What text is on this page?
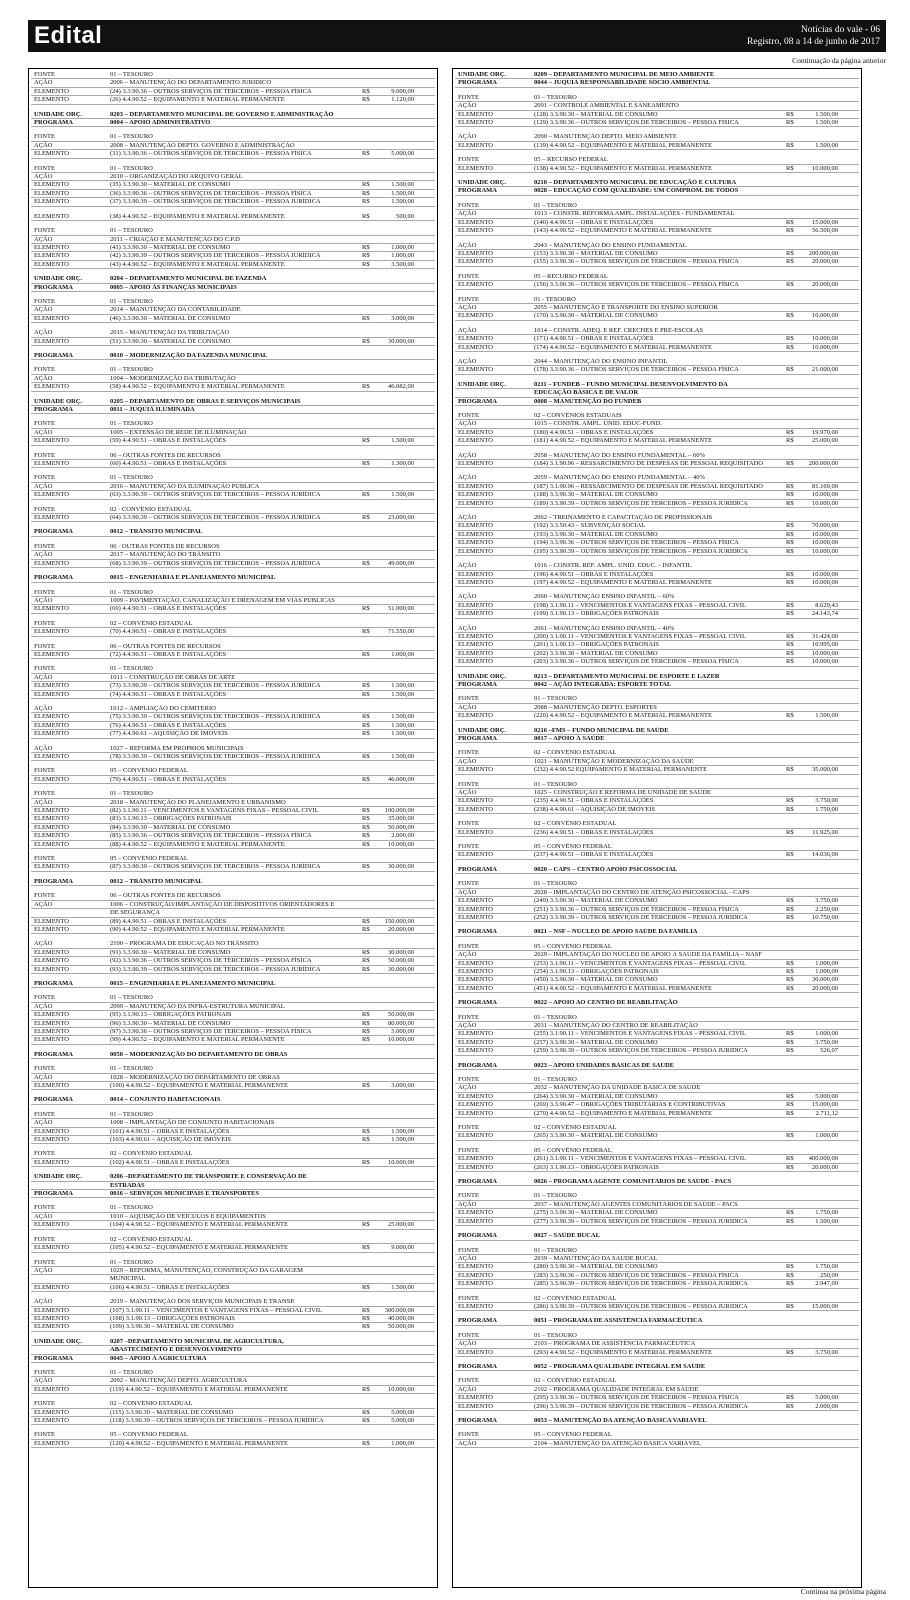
Edital	Notícias do vale - 06
Registro, 08 a 14 de junho de 2017
Continuação da página anterior
FONTE	01 – TESOURO
AÇÃO	2006 – MANUTENÇÃO DO DEPARTAMENTO JURÍDICO
ELEMENTO	(24) 3.3.90.36 – OUTROS SERVIÇOS DE TERCEIROS – PESSOA FÍSICA	R$	9.000,00
ELEMENTO	(26) 4.4.90.52 – EQUIPAMENTO E MATERIAL PERMANENTE	R$	1.120,00
UNIDADE ORÇ.	0203 – DEPARTAMENTO MUNICIPAL DE GOVERNO E ADMINISTRAÇÃO
PROGRAMA	0004 – APOIO ADMINISTRATIVO
FONTE	01 – TESOURO
AÇÃO	2008 – MANUTENÇÃO DEPTO. GOVERNO E ADMINISTRAÇÃO
ELEMENTO	(31) 3.3.90.36 – OUTROS SERVIÇOS DE TERCEIROS – PESSOA FÍSICA	R$	5.000,00
FONTE	01 – TESOURO
AÇÃO	2010 – ORGANIZAÇÃO DO ARQUIVO GERAL
ELEMENTO	(35) 3.3.90.30 – MATERIAL DE CONSUMO	R$	1.500,00
ELEMENTO	(36) 3.3.90.36 – OUTROS SERVIÇOS DE TERCEIROS – PESSOA FÍSICA	R$	1.500,00
ELEMENTO	(37) 3.3.90.39 – OUTROS SERVIÇOS DE TERCEIROS – PESSOA JURÍDICA	R$	1.500,00
ELEMENTO	(38) 4.4.90.52 – EQUIPAMENTO E MATERIAL PERMANENTE	R$	500,00
FONTE	01 – TESOURO
AÇÃO	2011 – CRIAÇÃO E MANUTENÇÃO DO C.P.D
ELEMENTO	(41) 3.3.90.30 – MATERIAL DE CONSUMO	R$	1.000,00
ELEMENTO	(42) 3.3.90.39 – OUTROS SERVIÇOS DE TERCEIROS – PESSOA JURÍDICA	R$	1.000,00
ELEMENTO	(43) 4.4.90.52 – EQUIPAMENTO E MATERIAL PERMANENTE	R$	3.500,00
UNIDADE ORÇ.	0204 – DEPARTAMENTO MUNICIPAL DE FAZENDA
PROGRAMA	0005 – APOIO ÀS FINANÇAS MUNICIPAIS
FONTE	01 – TESOURO
AÇÃO	2014 – MANUTENÇÃO DA CONTABILIDADE
ELEMENTO	(46) 3.3.90.30 – MATERIAL DE CONSUMO	R$	3.000,00
AÇÃO	2015 – MANUTENÇÃO DA TRIBUTAÇÃO
ELEMENTO	(51) 3.3.90.30 – MATERIAL DE CONSUMO	R$	30.000,00
PROGRAMA	0010 – MODERNIZAÇÃO DA FAZENDA MUNICIPAL
FONTE	01 – TESOURO
AÇÃO	1004 – MODERNIZAÇÃO DA TRIBUTAÇÃO
ELEMENTO	(58) 4.4.90.52 – EQUIPAMENTO E MATERIAL PERMANENTE	R$	46.082,00
UNIDADE ORÇ.	0205 – DEPARTAMENTO DE OBRAS E SERVIÇOS MUNICIPAIS
PROGRAMA	0011 – JUQUIÁ ILUMINADA
FONTE	01 – TESOURO
AÇÃO	1005 – EXTENSÃO DE REDE DE ILUMINAÇÃO
ELEMENTO	(59) 4.4.90.51 – OBRAS E INSTALAÇÕES	R$	1.500,00
FONTE	06 – OUTRAS FONTES DE RECURSOS
ELEMENTO	(60) 4.4.90.51 – OBRAS E INSTALAÇÕES	R$	1.300,00
FONTE	01 – TESOURO
AÇÃO	2016 – MANUTENÇÃO DA ILUMINAÇÃO PÚBLICA
ELEMENTO	(63) 3.3.90.39 – OUTROS SERVIÇOS DE TERCEIROS – PESSOA JURÍDICA	R$	1.500,00
FONTE	02 · CONVÊNIO ESTADUAL
ELEMENTO	(64) 3.3.90.39 – OUTROS SERVIÇOS DE TERCEIROS – PESSOA JURÍDICA	R$	23.000,00
PROGRAMA	0012 – TRÂNSITO MUNICIPAL
FONTE	06 · OUTRAS FONTES DE RECURSOS
AÇÃO	2017 – MANUTENÇÃO DO TRÂNSITO
ELEMENTO	(68) 3.3.90.39 – OUTROS SERVIÇOS DE TERCEIROS – PESSOA JURÍDICA	R$	49.000,00
PROGRAMA	0015 – ENGENHARIA E PLANEJAMENTO MUNICIPAL
FONTE	01 – TESOURO
AÇÃO	1009 – PAVIMENTAÇÃO, CANALIZAÇÃO E DRENAGEM EM VIAS PÚBLICAS
ELEMENTO	(69) 4.4.90.51 – OBRAS E INSTALAÇÕES	R$	51.000,00
FONTE	02 – CONVÊNIO ESTADUAL
ELEMENTO	(70) 4.4.90.51 – OBRAS E INSTALAÇÕES	R$	71.550,00
FONTE	06 – OUTRAS FONTES DE RECURSOS
ELEMENTO	(72) 4.4.90.51 – OBRAS E INSTALAÇÕES	R$	1.000,00
FONTE	01 – TESOURO
AÇÃO	1011 – CONSTRUÇÃO DE OBRAS DE ARTE
ELEMENTO	(73) 3.3.90.39 – OUTROS SERVIÇOS DE TERCEIROS – PESSOA JURÍDICA	R$	1.500,00
ELEMENTO	(74) 4.4.90.51 – OBRAS E INSTALAÇÕES	R$	1.500,00
AÇÃO	1012 – AMPLIAÇÃO DO CEMITÉRIO
ELEMENTO	(75) 3.3.90.39 – OUTROS SERVIÇOS DE TERCEIROS – PESSOA JURÍDICA	R$	1.500,00
ELEMENTO	(76) 4.4.90.51 – OBRAS E INSTALAÇÕES	R$	1.500,00
ELEMENTO	(77) 4.4.90.61 – AQUISIÇÃO DE IMÓVEIS	R$	1.500,00
AÇÃO	1027 – REFORMA EM PRÓPRIOS MUNICIPAIS
ELEMENTO	(78) 3.3.90.39 – OUTROS SERVIÇOS DE TERCEIROS – PESSOA JURÍDICA	R$	1.500,00
FONTE	05 – CONVÊNIO FEDERAL
ELEMENTO	(79) 4.4.90.51 – OBRAS E INSTALAÇÕES	R$	46.000,00
FONTE	01 – TESOURO
AÇÃO	2018 – MANUTENÇÃO DO PLANEJAMENTO E URBANISMO
ELEMENTO	(82) 3.1.90.11 – VENCIMENTOS E VANTAGENS FIXAS – PESSOAL CIVIL	R$	100.000,00
ELEMENTO	(83) 3.1.90.13 – OBRIGAÇÕES PATRONAIS	R$	35.000,00
ELEMENTO	(84) 3.3.90.30 – MATERIAL DE CONSUMO	R$	50.000,00
ELEMENTO	(85) 3.3.90.36 – OUTROS SERVIÇOS DE TERCEIROS – PESSOA FÍSICA	R$	2.000,00
ELEMENTO	(88) 4.4.90.52 – EQUIPAMENTO E MATERIAL PERMANENTE	R$	10.000,00
FONTE	05 – CONVÊNIO FEDERAL
ELEMENTO	(87) 3.3.90.39 – OUTROS SERVIÇOS DE TERCEIROS – PESSOA JURÍDICA	R$	30.000,00
PROGRAMA	0012 – TRÂNSITO MUNICIPAL
FONTE	06 – OUTRAS FONTES DE RECURSOS
AÇÃO	1006 – CONSTRUÇÃO/IMPLANTAÇÃO DE DISPOSITIVOS ORIENTADORES E
DE SEGURANÇA
ELEMENTO	(89) 4.4.90.51 – OBRAS E INSTALAÇÕES	R$	150.000,00
ELEMENTO	(90) 4.4.90.52 – EQUIPAMENTO E MATERIAL PERMANENTE	R$	20.000,00
AÇÃO	2100 – PROGRAMA DE EDUCAÇÃO NO TRÂNSITO
ELEMENTO	(91) 3.3.90.30 – MATERIAL DE CONSUMO	R$	30.000,00
ELEMENTO	(92) 3.3.90.36 – OUTROS SERVIÇOS DE TERCEIROS – PESSOA FÍSICA	R$	50.000,00
ELEMENTO	(93) 3.3.90.39 – OUTROS SERVIÇOS DE TERCEIROS – PESSOA JURÍDICA	R$	30.000,00
PROGRAMA	0015 – ENGENHARIA E PLANEJAMENTO MUNICIPAL
FONTE	01 – TESOURO
AÇÃO	2099 – MANUTENÇÃO DA INFRA-ESTRUTURA MUNICIPAL
ELEMENTO	(95) 3.1.90.13 – OBRIGAÇÕES PATRONAIS	R$	50.000,00
ELEMENTO	(96) 3.3.90.30 – MATERIAL DE CONSUMO	R$	80.000,00
ELEMENTO	(97) 3.3.90.36 – OUTROS SERVIÇOS DE TERCEIROS – PESSOA FÍSICA	R$	5.000,00
ELEMENTO	(99) 4.4.90.52 – EQUIPAMENTO E MATERIAL PERMANENTE	R$	10.000,00
PROGRAMA	0050 – MODERNIZAÇÃO DO DEPARTAMENTO DE OBRAS
FONTE	01 – TESOURO
AÇÃO	1028 – MODERNIZAÇÃO DO DEPARTAMENTO DE OBRAS
ELEMENTO	(100) 4.4.90.52 – EQUIPAMENTO E MATERIAL PERMANENTE	R$	3.000,00
PROGRAMA	0014 – CONJUNTO HABITACIONAIS
FONTE	01 – TESOURO
AÇÃO	1008 – IMPLANTAÇÃO DE CONJUNTO HABITACIONAIS
ELEMENTO	(101) 4.4.90.51 – OBRAS E INSTALAÇÕES	R$	1.500,00
ELEMENTO	(103) 4.4.90.61 – AQUISIÇÃO DE IMÓVEIS	R$	1.500,00
FONTE	02 – CONVÊNIO ESTADUAL
ELEMENTO	(102) 4.4.90.51 – OBRAS E INSTALAÇÕES	R$	10.600,00
UNIDADE ORÇ.	0206 –DEPARTAMENTO DE TRANSPORTE E CONSERVAÇÃO DE
ESTRADAS
PROGRAMA	0016 – SERVIÇOS MUNICIPAIS E TRANSPORTES
FONTE	01 – TESOURO
AÇÃO	1010 – AQUISIÇÃO DE VEÍCULOS E EQUIPAMENTOS
ELEMENTO	(104) 4.4.90.52 – EQUIPAMENTO E MATERIAL PERMANENTE	R$	25.000,00
FONTE	02 – CONVÊNIO ESTADUAL
ELEMENTO	(105) 4.4.90.52 – EQUIPAMENTO E MATERIAL PERMANENTE	R$	9.000,00
FONTE	01 – TESOURO
AÇÃO	1029 – REFORMA, MANUTENÇÃO, CONSTRUÇÃO DA GARAGEM
MUNICIPAL
ELEMENTO	(106) 4.4.90.51 – OBRAS E INSTALAÇÕES	R$	1.500,00
AÇÃO	2019 – MANUTENÇÃO DOS SERVIÇOS MUNICIPAIS E TRANSP.
ELEMENTO	(107) 3.1.90.11 – VENCIMENTOS E VANTAGENS FIXAS – PESSOAL CIVIL	R$	300.000,00
ELEMENTO	(108) 3.1.90.13 – OBRIGAÇÕES PATRONAIS	R$	40.000,00
ELEMENTO	(109) 3.3.90.30 – MATERIAL DE CONSUMO	R$	50.000,00
UNIDADE ORÇ.	0207 –DEPARTAMENTO MUNICIPAL DE AGRICULTURA,
ABASTECIMENTO E DESENVOLVIMENTO
PROGRAMA	0045 – APOIO À AGRICULTURA
FONTE	01 – TESOURO
AÇÃO	2092 – MANUTENÇÃO DEPTO. AGRICULTURA
ELEMENTO	(119) 4.4.90.52 – EQUIPAMENTO E MATERIAL PERMANENTE	R$	10.000,00
FONTE	02 – CONVÊNIO ESTADUAL
ELEMENTO	(115) 3.3.90.30 – MATERIAL DE CONSUMO	R$	5.000,00
ELEMENTO	(118) 3.3.90.39 – OUTROS SERVIÇOS DE TERCEIROS – PESSOA JURÍDICA	R$	5.000,00
FONTE	05 – CONVÊNIO FEDERAL
ELEMENTO	(120) 4.4.90.52 – EQUIPAMENTO E MATERIAL PERMANENTE	R$	1.000,00
UNIDADE ORÇ.	0209 – DEPARTAMENTO MUNICIPAL DE MEIO AMBIENTE
PROGRAMA	0044 – JUQUIÁ RESPONSABILIDADE SÓCIO AMBIENTAL
FONTE	01 – TESOURO
AÇÃO	2091 – CONTROLE AMBIENTAL E SANEAMENTO
ELEMENTO	(128) 3.3.90.30 – MATERIAL DE CONSUMO	R$	1.500,00
ELEMENTO	(129) 3.3.90.36 – OUTROS SERVIÇOS DE TERCEIROS – PESSOA FÍSICA	R$	1.500,00
AÇÃO	2090 – MANUTENÇÃO DEPTO. MEIO AMBIENTE
ELEMENTO	(139) 4.4.90.52 – EQUIPAMENTO E MATERIAL PERMANENTE	R$	1.500,00
FONTE	05 – RECURSO FEDERAL
ELEMENTO	(138) 4.4.90.52 – EQUIPAMENTO E MATERIAL PERMANENTE	R$	10.000,00
UNIDADE ORÇ.	0210 – DEPARTAMENTO MUNICIPAL DE EDUCAÇÃO E CULTURA
PROGRAMA	0028 – EDUCAÇÃO COM QUALIDADE: UM COMPROM. DE TODOS
FONTE	01 – TESOURO
AÇÃO	1013 – CONSTR. REFORMA AMPL. INSTALAÇÕES - FUNDAMENTAL
ELEMENTO	(140) 4.4.90.51 – OBRAS E INSTALAÇÕES	R$	15.000,00
ELEMENTO	(143) 4.4.90.52 – EQUIPAMENTO E MATERIAL PERMANENTE	R$	56.500,00
AÇÃO	2043 – MANUTENÇÃO DO ENSINO FUNDAMENTAL
ELEMENTO	(153) 3.3.90.30 – MATERIAL DE CONSUMO	R$	200.000,00
ELEMENTO	(155) 3.3.90.36 – OUTROS SERVIÇOS DE TERCEIROS – PESSOA FÍSICA	R$	20.000,00
FONTE	05 – RECURSO FEDERAL
ELEMENTO	(156) 3.3.90.36 – OUTROS SERVIÇOS DE TERCEIROS – PESSOA FÍSICA	R$	20.000,00
FONTE	01 - TESOURO
AÇÃO	2055 – MANUTENÇÃO E TRANSPORTE DO ENSINO SUPERIOR
ELEMENTO	(170) 3.3.90.30 – MATERIAL DE CONSUMO	R$	10.000,00
AÇÃO	1014 – CONSTR. ADEQ. E REF. CRECHES E PRÉ-ESCOLAS
ELEMENTO	(171) 4.4.90.51 – OBRAS E INSTALAÇÕES	R$	10.000,00
ELEMENTO	(174) 4.4.90.52 – EQUIPAMENTO E MATERIAL PERMANENTE	R$	10.000,00
AÇÃO	2044 – MANUTENÇÃO DO ENSINO INFANTIL
ELEMENTO	(178) 3.3.90.36 – OUTROS SERVIÇOS DE TERCEIROS – PESSOA FÍSICA	R$	21.000,00
UNIDADE ORÇ.	0211 – FUNDEB – FUNDO MUNICIPAL DESENVOLVIMENTO DA
EDUCAÇÃO BÁSICA E DE VALOR
PROGRAMA	0008 – MANUTENÇÃO DO FUNDEB
FONTE	02 – CONVÊNIOS ESTADUAIS
AÇÃO	1015 – CONSTR. AMPL. UNID. EDUC-FUND.
ELEMENTO	(180) 4.4.90.51 – OBRAS E INSTALAÇÕES	R$	19.970,00
ELEMENTO	(181) 4.4.90.52 – EQUIPAMENTO E MATERIAL PERMANENTE	R$	25.000,00
AÇÃO	2058 – MANUTENÇÃO DO ENSINO FUNDAMENTAL – 60%
ELEMENTO	(184) 3.1.90.96 – RESSARCIMENTO DE DESPESAS DE PESSOAL REQUISITADO	R$	200.000,00
AÇÃO	2059 – MANUTENÇÃO DO ENSINO FUNDAMENTAL – 40%
ELEMENTO	(187) 3.1.90.96 – RESSARCIMENTO DE DESPESAS DE PESSOAL REQUISITADO	R$	81.169,00
ELEMENTO	(188) 3.3.90.30 – MATERIAL DE CONSUMO	R$	10.000,00
ELEMENTO	(189) 3.3.90.39 – OUTROS SERVIÇOS DE TERCEIROS – PESSOA JURÍDICA	R$	10.000,00
AÇÃO	2062 – TREINAMENTO E CAPACITAÇÃO DE PROFISSIONAIS
ELEMENTO	(192) 3.3.50.43 – SUBVENÇÃO SOCIAL	R$	70.000,00
ELEMENTO	(193) 3.3.90.30 – MATERIAL DE CONSUMO	R$	10.000,00
ELEMENTO	(194) 3.3.90.36 – OUTROS SERVIÇOS DE TERCEIROS – PESSOA FÍSICA	R$	10.000,00
ELEMENTO	(195) 3.3.90.39 – OUTROS SERVIÇOS DE TERCEIROS – PESSOA JURÍDICA	R$	10.000,00
AÇÃO	1016 – CONSTR. REF. AMPL. UNID. EDUC. - INFANTIL
ELEMENTO	(196) 4.4.90.51 – OBRAS E INSTALAÇÕES	R$	10.000,00
ELEMENTO	(197) 4.4.90.52 – EQUIPAMENTO E MATERIAL PERMANENTE	R$	10.000,00
AÇÃO	2060 – MANUTENÇÃO ENSINO INFANTIL – 60%
ELEMENTO	(198) 3.1.90.11 – VENCIMENTOS E VANTAGENS FIXAS – PESSOAL CIVIL	R$	8.629,43
ELEMENTO	(199) 3.1.90.13 – OBRIGAÇÕES PATRONAIS	R$	24.143,74
AÇÃO	2061 – MANUTENÇÃO ENSINO INFANTIL – 40%
ELEMENTO	(200) 3.1.90.11 – VENCIMENTOS E VANTAGENS FIXAS – PESSOAL CIVIL	R$	31.424,00
ELEMENTO	(201) 3.1.90.13 – OBRIGAÇÕES PATRONAIS	R$	10.995,00
ELEMENTO	(202) 3.3.90.30 – MATERIAL DE CONSUMO	R$	10.000,00
ELEMENTO	(203) 3.3.90.36 – OUTROS SERVIÇOS DE TERCEIROS – PESSOA FÍSICA	R$	10.000,00
UNIDADE ORÇ.	0213 – DEPARTAMENTO MUNICIPAL DE ESPORTE E LAZER
PROGRAMA	0042 – AÇÃO INTEGRADA: ESPORTE TOTAL
FONTE	01 – TESOURO
AÇÃO	2088 – MANUTENÇÃO DEPTO. ESPORTES
ELEMENTO	(220) 4.4.90.52 – EQUIPAMENTO E MATERIAL PERMANENTE	R$	1.500,00
UNIDADE ORÇ.	0216 –FMS – FUNDO MUNICIPAL DE SAÚDE
PROGRAMA	0017 – APOIO À SAÚDE
FONTE	02 – CONVÊNIO ESTADUAL
AÇÃO	1021 – MANUTENÇÃO E MODERNIZAÇÃO DA SAÚDE
ELEMENTO	(232) 4.4.90.52 EQUIPAMENTO E MATERIAL PERMANENTE	R$	35.000,00
FONTE	01 – TESOURO
AÇÃO	1025 – CONSTRUÇÃO E REFORMA DE UNIDADE DE SAÚDE
ELEMENTO	(235) 4.4.90.51 – OBRAS E INSTALAÇÕES	R$	3.750,00
ELEMENTO	(238) 4.4.90.61 – AQUISIÇÃO DE IMÓVEIS	R$	1.750,00
FONTE	02 – CONVÊNIO ESTADUAL
ELEMENTO	(236) 4.4.90.51 – OBRAS E INSTALAÇÕES	R$	11.925,00
FONTE	05 – CONVÊNIO FEDERAL
ELEMENTO	(237) 4.4.90.51 – OBRAS E INSTALAÇÕES	R$	14.036,00
PROGRAMA	0020 – CAPS – CENTRO APOIO PSICOSSOCIAL
FONTE	01 – TESOURO
AÇÃO	2028 – IMPLANTAÇÃO DO CENTRO DE ATENÇÃO PSICOSSOCIAL - CAPS
ELEMENTO	(249) 3.3.90.30 – MATERIAL DE CONSUMO	R$	3.750,00
ELEMENTO	(251) 3.3.90.36 – OUTROS SERVIÇOS DE TERCEIROS – PESSOA FÍSICA	R$	2.250,00
ELEMENTO	(252) 3.3.90.39 – OUTROS SERVIÇOS DE TERCEIROS – PESSOA JURÍDICA	R$	10.750,00
PROGRAMA	0021 – NSF – NÚCLEO DE APOIO SAÚDE DA FAMÍLIA
FONTE	05 – CONVÊNIO FEDERAL
AÇÃO	2029 – IMPLANTAÇÃO DO NÚCLEO DE APOIO À SAÚDE DA FAMÍLIA – NASF
ELEMENTO	(253) 3.1.90.11 – VENCIMENTOS E VANTAGENS FIXAS – PESSOAL CIVIL	R$	1.000,00
ELEMENTO	(254) 3.1.90.13 – OBRIGAÇÕES PATRONAIS	R$	1.000,00
ELEMENTO	(450) 3.3.90.30 – MATERIAL DE CONSUMO	R$	30.000,00
ELEMENTO	(451) 4.4.90.52 – EQUIPAMENTO E MATERIAL PERMANENTE	R$	20.000,00
PROGRAMA	0022 – APOIO AO CENTRO DE REABILITAÇÃO
FONTE	01 – TESOURO
AÇÃO	2031 – MANUTENÇÃO DO CENTRO DE REABILITAÇÃO
ELEMENTO	(255) 3.1.90.11 – VENCIMENTOS E VANTAGENS FIXAS – PESSOAL CIVIL	R$	1.000,00
ELEMENTO	(257) 3.3.90.30 – MATERIAL DE CONSUMO	R$	3.750,00
ELEMENTO	(259) 3.3.90.39 – OUTROS SERVIÇOS DE TERCEIROS – PESSOA JURÍDICA	R$	526,07
PROGRAMA	0023 – APOIO UNIDADES BÁSICAS DE SAÚDE
FONTE	01 – TESOURO
AÇÃO	2032 – MANUTENÇÃO DA UNIDADE BÁSICA DE SAÚDE
ELEMENTO	(264) 3.3.90.30 – MATERIAL DE CONSUMO	R$	5.000,00
ELEMENTO	(269) 3.3.90.47 – OBRIGAÇÕES TRIBUTÁRIAS E CONTRIBUTIVAS	R$	15.000,00
ELEMENTO	(270) 4.4.90.52 – EQUIPAMENTO E MATERIAL PERMANENTE	R$	2.711,12
FONTE	02 – CONVÊNIO ESTADUAL
ELEMENTO	(265) 3.3.90.30 – MATERIAL DE CONSUMO	R$	1.000,00
FONTE	05 – CONVÊNIO FEDERAL
ELEMENTO	(261) 3.1.90.11 – VENCIMENTOS E VANTAGENS FIXAS – PESSOAL CIVIL	R$	400.000,00
ELEMENTO	(263) 3.1.90.13 – OBRIGAÇÕES PATRONAIS	R$	20.000,00
PROGRAMA	0026 – PROGRAMA AGENTE COMUNITÁRIOS DE SAÚDE - PACS
FONTE	01 – TESOURO
AÇÃO	2037 – MANUTENÇÃO AGENTES COMUNITÁRIOS DE SAÚDE – PACS
ELEMENTO	(275) 3.3.90.30 – MATERIAL DE CONSUMO	R$	1.750,00
ELEMENTO	(277) 3.3.90.39 – OUTROS SERVIÇOS DE TERCEIROS – PESSOA JURÍDICA	R$	1.500,00
PROGRAMA	0027 – SAÚDE BUCAL
FONTE	01 – TESOURO
AÇÃO	2039 – MANUTENÇÃO DA SAÚDE BUCAL
ELEMENTO	(280) 3.3.90.30 – MATERIAL DE CONSUMO	R$	1.750,00
ELEMENTO	(283) 3.3.90.36 – OUTROS SERVIÇOS DE TERCEIROS – PESSOA FÍSICA	R$	250,00
ELEMENTO	(285) 3.3.90.39 – OUTROS SERVIÇOS DE TERCEIROS – PESSOA JURÍDICA	R$	2.947,00
FONTE	02 – CONVÊNIO ESTADUAL
ELEMENTO	(286) 3.3.90.39 – OUTROS SERVIÇOS DE TERCEIROS – PESSOA JURÍDICA	R$	15.000,00
PROGRAMA	0051 – PROGRAMA DE ASSISTÊNCIA FARMACÊUTICA
FONTE	01 – TESOURO
AÇÃO	2103 – PROGRAMA DE ASSISTÊNCIA FARMACÊUTICA
ELEMENTO	(293) 4.4.90.52 – EQUIPAMENTO E MATERIAL PERMANENTE	R$	3.750,00
PROGRAMA	0052 – PROGRAMA QUALIDADE INTEGRAL EM SAÚDE
FONTE	02 – CONVÊNIO ESTADUAL
AÇÃO	2102 – PROGRAMA QUALIDADE INTEGRAL EM SAÚDE
ELEMENTO	(295) 3.3.90.36 – OUTROS SERVIÇOS DE TERCEIROS – PESSOA FÍSICA	R$	5.000,00
ELEMENTO	(296) 3.3.90.39 – OUTROS SERVIÇOS DE TERCEIROS – PESSOA JURÍDICA	R$	2.000,00
PROGRAMA	0053 – MANUTENÇÃO DA ATENÇÃO BÁSICA VARIÁVEL
FONTE	05 – CONVÊNIO FEDERAL
AÇÃO	2104 – MANUTENÇÃO DA ATENÇÃO BÁSICA VARIÁVEL
Continua na próxima página
